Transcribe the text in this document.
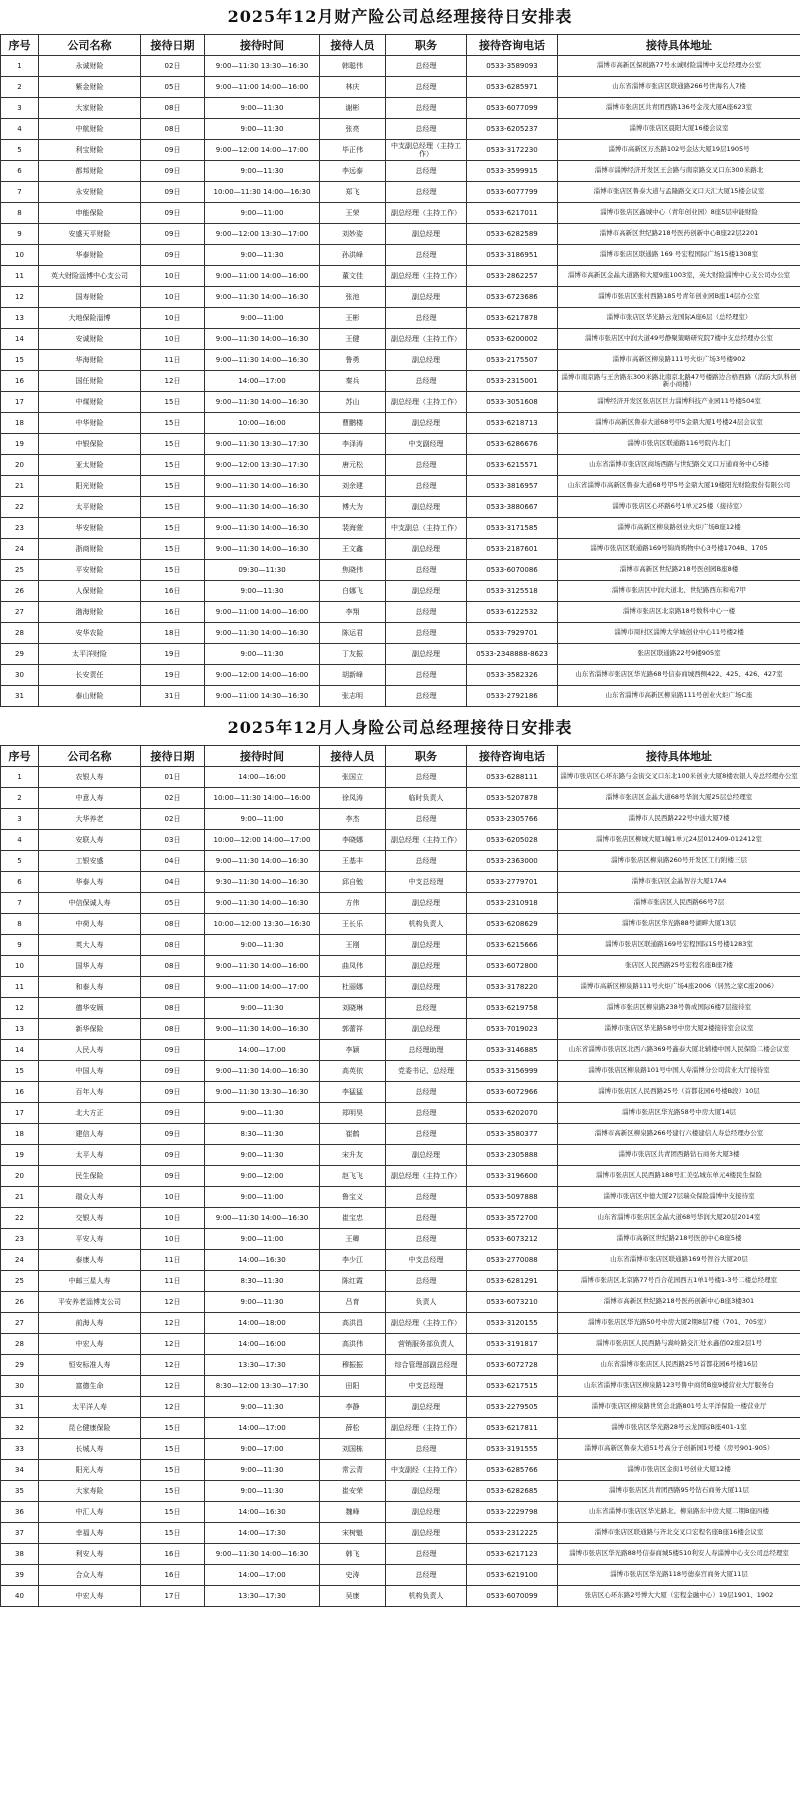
2025年12月财产险公司总经理接待日安排表
序号	公司名称	接待日期	接待时间	接待人员	职务	接待咨询电话	接待具体地址
1	永诚财险	02日	9:00—11:30 13:30—16:30	韩聪伟	总经理	0533-3589093	淄博市高新区保税路77号永诚财险淄博中支总经理办公室
2	紫金财险	05日	9:00—11:00 14:00—16:00	林庆	总经理	0533-6285971	山东省淄博市张店区联通路266号世海名人7楼
3	大家财险	08日	9:00—11:30	谢彬	总经理	0533-6077099	淄博市张店区共青团西路136号金茂大厦A座623室
4	中航财险	08日	9:00—11:30	张亮	总经理	0533-6205237	淄博市张店区晨阳大厦16楼会议室
5	利宝财险	09日	9:00—12:00 14:00—17:00	毕正伟	中支副总经理（主持工作）	0533-3172230	淄博市高新区万杰路102号金达大厦19层1905号
6	都邦财险	09日	9:00—11:30	李远泰	总经理	0533-3599915	淄博市淄博经济开发区王会路与南京路交叉口东300米路北
7	永安财险	09日	10:00—11:30 14:00—16:30	郑飞	总经理	0533-6077799	淄博市张店区鲁泰大道与孟隆路交叉口天汇大厦15楼会议室
8	申能保险	09日	9:00—11:00	王荣	副总经理（主持工作）	0533-6217011	淄博市张店区鑫城中心（青年创业园）8座5层申能财险
9	安盛天平财险	09日	9:00—12:00 13:30—17:00	刘妙姿	副总经理	0533-6282589	淄博市高新区世纪路218号医药创新中心B座22层2201
10	华泰财险	09日	9:00—11:30	孙洪峰	总经理	0533-3186951	淄博市张店区联通路 169 号宏程国际广场15楼1308室
11	英大财险淄博中心支公司	10日	9:00—11:00 14:00—16:00	董文佳	副总经理（主持工作）	0533-2862257	淄博市高新区金晶大道路和大厦9座1003室，英大财险淄博中心支公司办公室
12	国寿财险	10日	9:00—11:30 14:00—16:30	张池	副总经理	0533-6723686	淄博市张店区张村西路185号青年创业园B座14层办公室
13	大地保险淄博	10日	9:00—11:00	王彬	总经理	0533-6217878	淄博市张店区华光路云龙国际A座6层（总经理室）
14	安诚财险	10日	9:00—11:30 14:00—16:30	王健	副总经理（主持工作）	0533-6200002	淄博市张店区中润大道49号静聚策略研究院7楼中支总经理办公室
15	华海财险	11日	9:00—11:30 14:00—16:30	鲁勇	副总经理	0533-2175507	淄博市高新区柳泉路111号火炬广场3号楼902
16	国任财险	12日	14:00—17:00	秦兵	总经理	0533-2315001	淄博市南京路与王舍路东300米路北南京北路47号楼路边合格西路（消防大队科创新小商楼）
17	中煤财险	15日	9:00—11:30 14:00—16:30	苏山	副总经理（主持工作）	0533-3051608	淄博经济开发区张店区巨力淄博科技产业园11号楼504室
18	中华财险	15日	10:00—16:00	曹鹏楼	副总经理	0533-6218713	淄博市高新区鲁泰大道68号甲5金鼎大厦1号楼24层会议室
19	中银保险	15日	9:00—11:30 13:30—17:30	李泽涛	中支副经理	0533-6286676	淄博市张店区联通路116号院内北门
20	亚太财险	15日	9:00—12:00 13:30—17:30	唐元松	总经理	0533-6215571	山东省淄博市张店区商场西路与世纪路交叉口万通商务中心5楼
21	阳光财险	15日	9:00—11:30 14:00—16:30	刘余建	总经理	0533-3816957	山东省淄博市高新区鲁泰大道68号甲5号金鼎大厦19楼阳光财险股份有限公司
22	太平财险	15日	9:00—11:30 14:00—16:30	傅大为	副总经理	0533-3880667	淄博市张店区心环路6号1单元25楼（接待室）
23	华安财险	15日	9:00—11:30 14:00—16:30	裴海萱	中支副总（主持工作）	0533-3171585	淄博市高新区柳泉路创业火炬广场B座12楼
24	浙商财险	15日	9:00—11:30 14:00—16:30	王文鑫	副总经理	0533-2187601	淄博市张店区联通路169号锦尚购物中心3号楼1704B、1705
25	平安财险	15日	09:30—11:30	焦晓伟	总经理	0533-6070086	淄博市高新区世纪路218号医创园B座8楼
26	人保财险	16日	9:00—11:30	白娜飞	副总经理	0533-3125518	淄博市张店区中润大道北、世纪路西东和苑7甲
27	渤海财险	16日	9:00—11:00 14:00—16:00	李翔	总经理	0533-6122532	淄博市张店区北京路18号数科中心一楼
28	安华农险	18日	9:00—11:30 14:00—16:30	陈运君	总经理	0533-7929701	淄博市周村区淄博大学城创业中心11号楼2楼
29	太平洋财险	19日	9:00—11:30	丁友振	副总经理	0533-2348888-8623	张店区联通路22号9楼905室
30	长安责任	19日	9:00—12:00 14:00—16:00	胡新峰	总经理	0533-3582326	山东省淄博市张店区华光路68号信泰商城西侧422、425、426、427室
31	泰山财险	31日	9:00—11:00 14:30—16:30	张志明	总经理	0533-2792186	山东省淄博市高新区柳泉路111号创业火炬广场C座
2025年12月人身险公司总经理接待日安排表
序号	公司名称	接待日期	接待时间	接待人员	职务	接待咨询电话	接待具体地址
1	农银人寿	01日	14:00—16:00	张国立	总经理	0533-6288111	淄博市张店区心环东路与金街交叉口东北100米创业大厦8楼农银人寿总经理办公室
2	中意人寿	02日	10:00—11:30 14:00—16:00	徐凤涛	临时负责人	0533-5207878	淄博市张店区金晶大道68号华润大厦25层总经理室
3	大华养老	02日	9:00—11:00	李杰	总经理	0533-2305766	淄博市人民西路222号中通大厦7楼
4	安联人寿	03日	10:00—12:00 14:00—17:00	李晓娜	副总经理（主持工作）	0533-6205028	淄博市张店区柳城大厦1幢1单元24层012409-012412室
5	工银安盛	04日	9:00—11:30 14:00—16:30	王基丰	总经理	0533-2363000	淄博市张店区柳泉路260号开发区工行附楼三层
6	华泰人寿	04日	9:30—11:30 14:00—16:30	邱自勉	中支总经理	0533-2779701	淄博市张店区金晶智谷大厦17A4
7	中信保诚人寿	05日	9:00—11:30 14:00—16:30	方伟	副总经理	0533-2310918	淄博市张店区人民西路66号7层
8	中荷人寿	08日	10:00—12:00 13:30—16:30	王长乐	机构负责人	0533-6208629	淄博市张店区华光路88号湖畔大厦13层
9	英大人寿	08日	9:00—11:30	王刚	副总经理	0533-6215666	淄博市张店区联通路169号宏程国际15号楼1283室
10	国华人寿	08日	9:00—11:30 14:00—16:00	曲凤伟	副总经理	0533-6072800	张店区人民西路25号宏程名座B座7楼
11	和泰人寿	08日	9:00—11:00 14:00—17:00	杜丽娜	副总经理	0533-3178220	淄博市高新区柳泉路111号火炬广场4座2006（居然之家C座2006）
12	德华安顾	08日	9:00—11:30	刘晓琳	总经理	0533-6219758	淄博市张店区柳泉路238号鲁成国际6楼7层接待室
13	新华保险	08日	9:00—11:30 14:00—16:30	郭蕾祥	副总经理	0533-7019023	淄博市张店区华光路58号中房大厦2楼接待室会议室
14	人民人寿	09日	14:00—17:00	李颖	总经理助理	0533-3146885	山东省淄博市张店区北西六路369号鑫泰大厦北辅楼中国人民保险二楼会议室
15	中国人寿	09日	9:00—11:30 14:00—16:30	高英依	党委书记、总经理	0533-3156999	淄博市张店区柳泉路101号中国人寿淄博分公司营业大厅接待室
16	百年人寿	09日	9:00—11:30 13:30—16:30	李猛猛	总经理	0533-6072966	淄博市张店区人民西路25号（首都花园6号楼B段）10层
17	北大方正	09日	9:00—11:30	郑明昊	总经理	0533-6202070	淄博市张店区华光路58号中房大厦14层
18	建信人寿	09日	8:30—11:30	崔鹤	总经理	0533-3580377	淄博市高新区柳泉路266号建行六楼建信人寿总经理办公室
19	太平人寿	09日	9:00—11:30	宋升友	副总经理	0533-2305888	淄博市张店区共青团西路钻石商务大厦3楼
20	民生保险	09日	9:00—12:00	赵飞飞	副总经理（主持工作）	0533-3196600	淄博市张店区人民西路188号汇美弘城东单元4楼民生保险
21	瑞众人寿	10日	9:00—11:00	鲁宝义	总经理	0533-5097888	淄博市张店区中德大厦27层瑞众保险淄博中支接待室
22	交银人寿	10日	9:00—11:30 14:00—16:30	崔宝忠	总经理	0533-3572700	山东省淄博市张店区金晶大道68号华润大厦20层2014室
23	平安人寿	10日	9:00—11:00	王卿	总经理	0533-6073212	淄博市高新区世纪路218号医创中心B座5楼
24	泰康人寿	11日	14:00—16:30	李少江	中支总经理	0533-2770088	山东省淄博市张店区联通路169号智谷大厦20层
25	中邮三星人寿	11日	8:30—11:30	陈红霞	总经理	0533-6281291	淄博市张店区北京路77号百合花园西五1单1号楼1-3号二楼总经理室
26	平安养老淄博支公司	12日	9:00—11:30	吕育	负责人	0533-6073210	淄博市高新区世纪路218号医药创新中心B座3楼301
27	前海人寿	12日	14:00—18:00	高洪昌	副总经理（主持工作）	0533-3120155	淄博市张店区华光路50号中房大厦2期8层7楼（701、705室）
28	中宏人寿	12日	14:00—16:00	高洪伟	营销服务部负责人	0533-3191817	淄博市张店区人民西路与嵩岭路交汇处永鑫佰02座2层1号
29	恒安标准人寿	12日	13:30—17:30	穆振振	综合管理部副总经理	0533-6072728	山东省淄博市张店区人民西路25号首都花园6号楼16层
30	富德生命	12日	8:30—12:00 13:30—17:30	田阳	中支总经理	0533-6217515	山东省淄博市张店区柳泉路123号鲁中商贸B座9楼营业大厅服务台
31	太平洋人寿	12日	9:00—11:30	李静	副总经理	0533-2279505	淄博市张店区柳泉路世贸会北路801号太平洋保险一楼营业厅
32	昆仑健康保险	15日	14:00—17:00	薛松	副总经理（主持工作）	0533-6217811	淄博市张店区华光路28号云龙国际B座401-1室
33	长城人寿	15日	9:00—17:00	刘国栋	总经理	0533-3191555	淄博市高新区鲁泰大道51号高分子创新园1号楼（房号901-905）
34	阳光人寿	15日	9:00—11:30	常云青	中支副经（主持工作）	0533-6285766	淄博市张店区金街1号创业大厦12楼
35	大家寿险	15日	9:00—11:30	崔安荣	副总经理	0533-6282685	淄博市张店区共青团西路95号钻石商务大厦11层
36	中汇人寿	15日	14:00—16:30	魏峰	副总经理	0533-2229798	山东省淄博市张店区华光路北、柳泉路东中房大厦二期B座四楼
37	幸福人寿	15日	14:00—17:30	宋树魁	副总经理	0533-2312225	淄博市张店区联通路与齐北交叉口宏程名座B座16楼会议室
38	利安人寿	16日	9:00—11:30 14:00—16:30	韩飞	总经理	0533-6217123	淄博市张店区华光路88号信泰商城5楼510利安人寿淄博中心支公司总经理室
39	合众人寿	16日	14:00—17:00	史涛	总经理	0533-6219100	淄博市张店区华光路118号德泰宫商务大厦11层
40	中宏人寿	17日	13:30—17:30	吴康	机构负责人	0533-6070099	张店区心环东路2号博大大厦（宏程金融中心）19层1901、1902
